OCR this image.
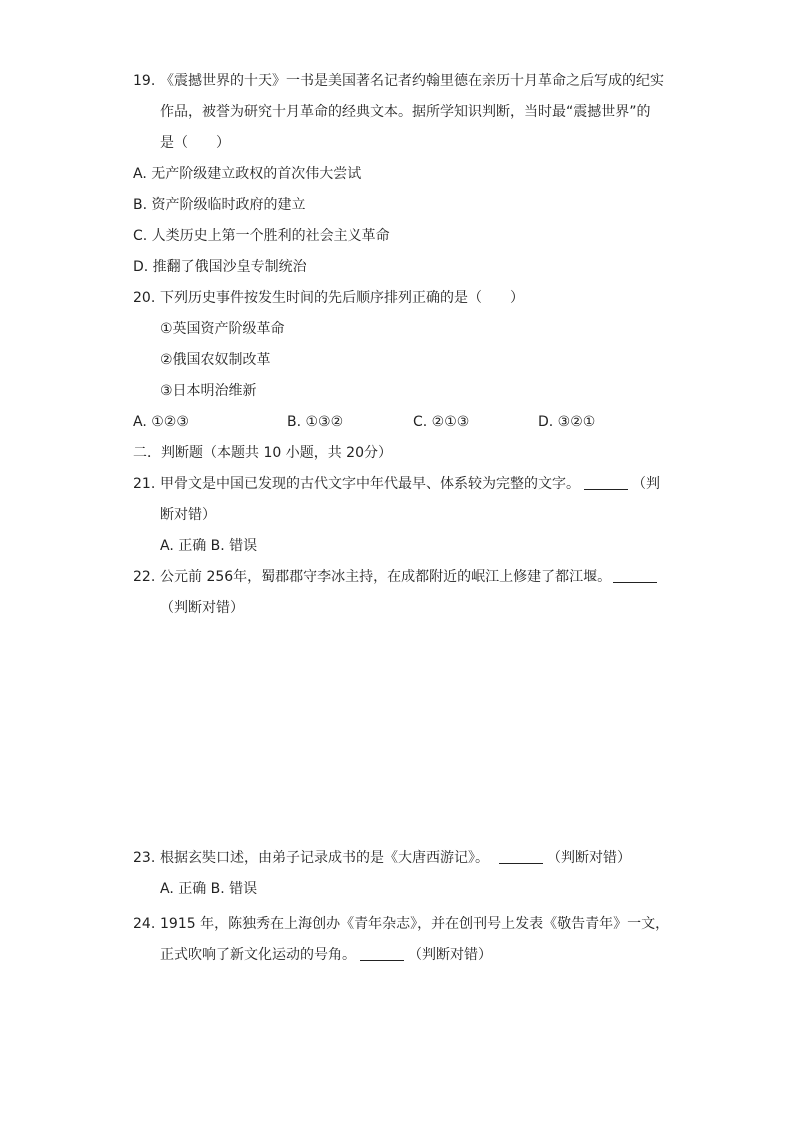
19. 《震撼世界的十天》一书是美国著名记者约翰里德在亲历十月革命之后写成的纪实
作品，被誉为研究十月革命的经典文本。据所学知识判断，当时最“震撼世界”的
是（　　）
A. 无产阶级建立政权的首次伟大尝试
B. 资产阶级临时政府的建立
C. 人类历史上第一个胜利的社会主义革命
D. 推翻了俄国沙皇专制统治
20. 下列历史事件按发生时间的先后顺序排列正确的是（　　）
①英国资产阶级革命
②俄国农奴制改革
③日本明治维新
A. ①②③	B. ①③②	C. ②①③	D. ③②①
二．判断题（本题共 10 小题，共 20分）
21. 甲骨文是中国已发现的古代文字中年代最早、体系较为完整的文字。	（判
断对错）
A. 正确 B. 错误
22. 公元前 256年，蜀郡郡守李冰主持，在成都附近的岷江上修建了都江堰。
（判断对错）
23. 根据玄奘口述，由弟子记录成书的是《大唐西游记》。	（判断对错）
A. 正确 B. 错误
24. 1915 年，陈独秀在上海创办《青年杂志》，并在创刊号上发表《敬告青年》一文，
正式吹响了新文化运动的号角。	（判断对错）
